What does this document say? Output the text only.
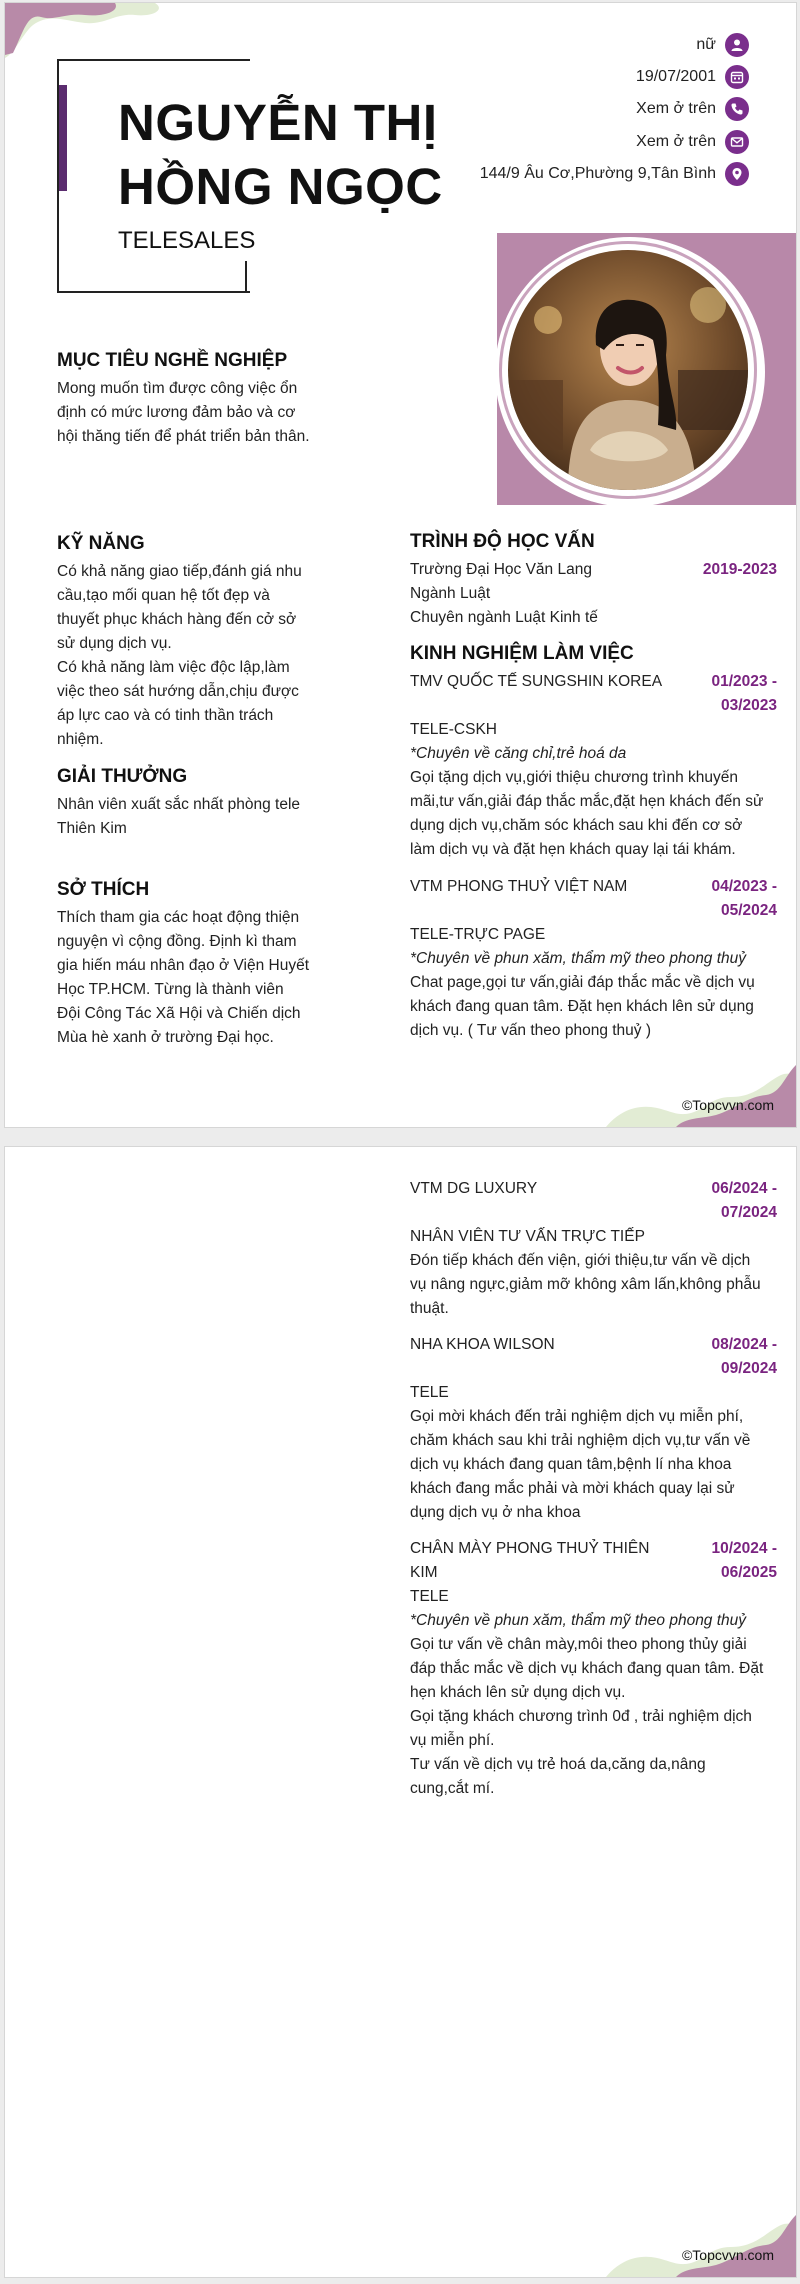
NGUYỄN THỊ
HỒNG NGỌC
TELESALES
nữ
19/07/2001
Xem ở trên
Xem ở trên
144/9 Âu Cơ,Phường 9,Tân Bình
MỤC TIÊU NGHỀ NGHIỆP
Mong muốn tìm được công việc ổn
định có mức lương đảm bảo và cơ
hội thăng tiến để phát triển bản thân.
KỸ NĂNG
Có khả năng giao tiếp,đánh giá nhu
cầu,tạo mối quan hệ tốt đẹp và
thuyết phục khách hàng đến cở sở
sử dụng dịch vụ.
Có khả năng làm việc độc lập,làm
việc theo sát hướng dẫn,chịu được
áp lực cao và có tinh thần trách
nhiệm.
GIẢI THƯỞNG
Nhân viên xuất sắc nhất phòng tele
Thiên Kim
SỞ THÍCH
Thích tham gia các hoạt động thiện
nguyện vì cộng đồng. Định kì tham
gia hiến máu nhân đạo ở Viện Huyết
Học TP.HCM. Từng là thành viên
Đội Công Tác Xã Hội và Chiến dịch
Mùa hè xanh ở trường Đại học.
TRÌNH ĐỘ HỌC VẤN
Trường Đại Học Văn Lang
Ngành Luật
Chuyên ngành Luật Kinh tế
2019-2023
KINH NGHIỆM LÀM VIỆC
TMV QUỐC TẾ SUNGSHIN KOREA	01/2023 -
03/2023
TELE-CSKH
*Chuyên về căng chỉ,trẻ hoá da
Gọi tặng dịch vụ,giới thiệu chương trình khuyến
mãi,tư vấn,giải đáp thắc mắc,đặt hẹn khách đến sử
dụng dịch vụ,chăm sóc khách sau khi đến cơ sở
làm dịch vụ và đặt hẹn khách quay lại tái khám.
VTM PHONG THUỶ VIỆT NAM	04/2023 -
05/2024
TELE-TRỰC PAGE
*Chuyên về phun xăm, thẩm mỹ theo phong thuỷ
Chat page,gọi tư vấn,giải đáp thắc mắc về dịch vụ
khách đang quan tâm. Đặt hẹn khách lên sử dụng
dịch vụ. ( Tư vấn theo phong thuỷ )
©Topcvvn.com
VTM DG LUXURY	06/2024 -
07/2024
NHÂN VIÊN TƯ VẤN TRỰC TIẾP
Đón tiếp khách đến viện, giới thiệu,tư vấn về dịch
vụ nâng ngực,giảm mỡ không xâm lấn,không phẫu
thuật.
NHA KHOA WILSON	08/2024 -
09/2024
TELE
Gọi mời khách đến trải nghiệm dịch vụ miễn phí,
chăm khách sau khi trải nghiệm dịch vụ,tư vấn về
dịch vụ khách đang quan tâm,bệnh lí nha khoa
khách đang mắc phải và mời khách quay lại sử
dụng dịch vụ ở nha khoa
CHÂN MÀY PHONG THUỶ THIÊN
KIM
10/2024 -
06/2025
TELE
*Chuyên về phun xăm, thẩm mỹ theo phong thuỷ
Gọi tư vấn về chân mày,môi theo phong thủy giải
đáp thắc mắc về dịch vụ khách đang quan tâm. Đặt
hẹn khách lên sử dụng dịch vụ.
Gọi tặng khách chương trình 0đ , trải nghiệm dịch
vụ miễn phí.
Tư vấn về dịch vụ trẻ hoá da,căng da,nâng
cung,cắt mí.
©Topcvvn.com
